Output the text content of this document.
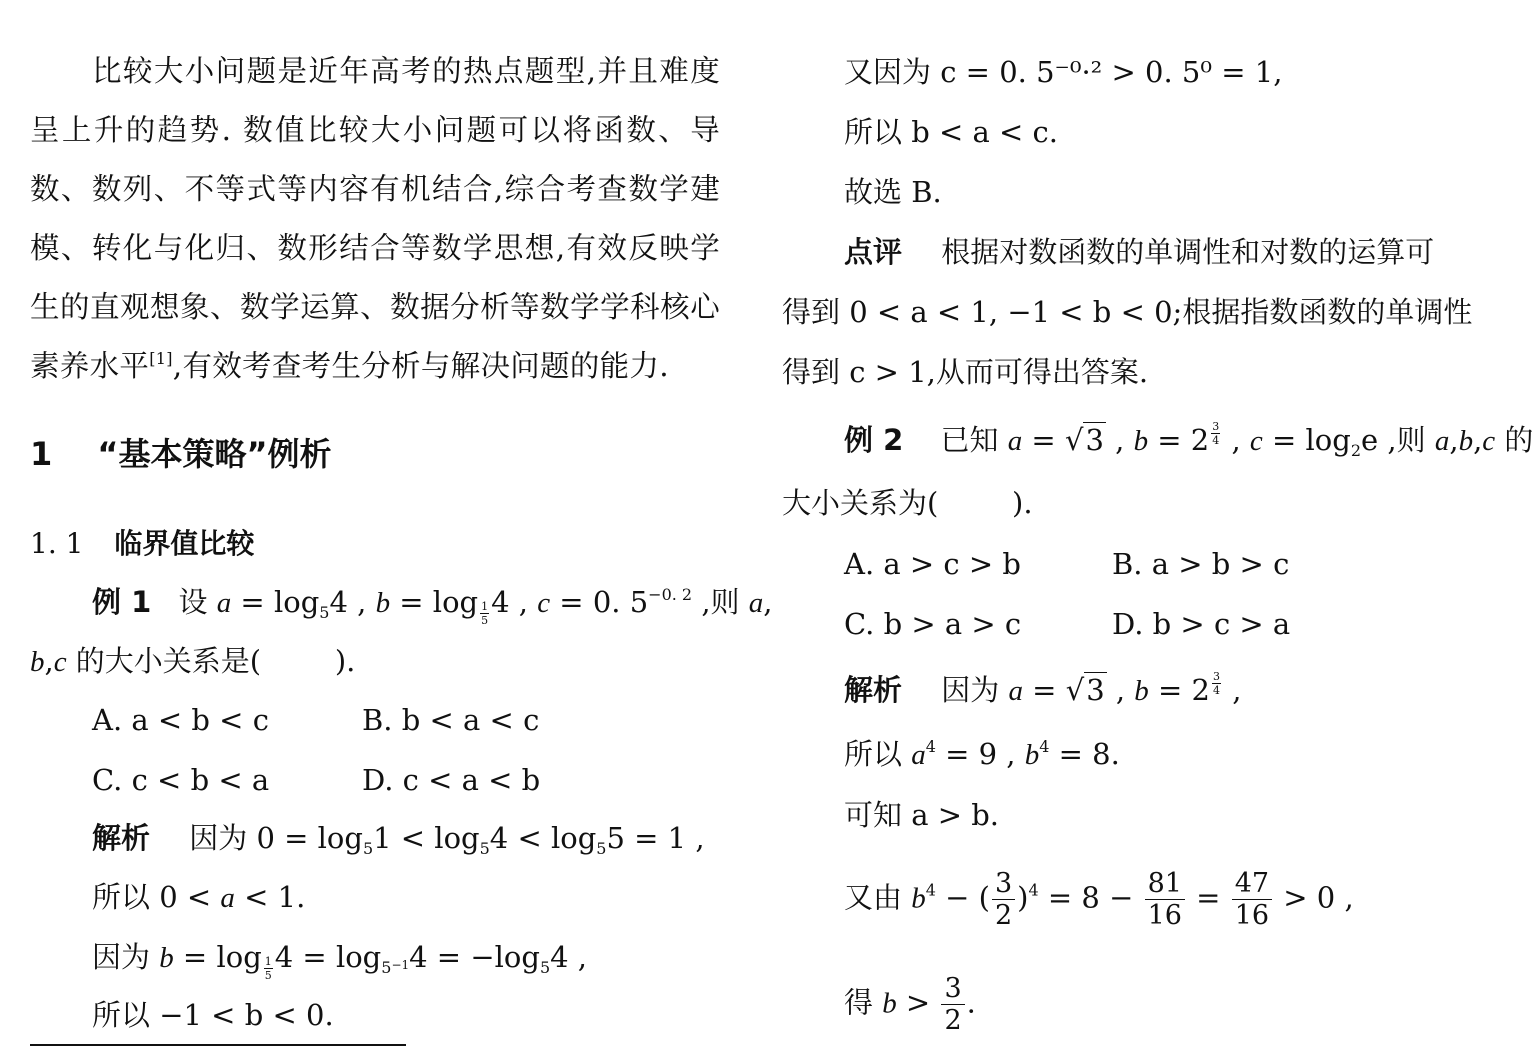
比较大小问题是近年高考的热点题型,并且难度呈上升的趋势. 数值比较大小问题可以将函数、导数、数列、不等式等内容有机结合,综合考查数学建模、转化与化归、数形结合等数学思想,有效反映学生的直观想象、数学运算、数据分析等数学学科核心素养水平[1],有效考查考生分析与解决问题的能力.
1 “基本策略”例析
1. 1 临界值比较
例 1 设 $a = \log_54$ , b = log $_{\frac{1}{5}}$ 4 , c = 0. $5^{-0. 2}$ ,则 a,
b,c 的大小关系是(        ).
A. a < b < c	B. b < a < c
C. c < b < a	D. c < a < b
解析 因为 $0 = \log_51 < \log_54 < \log_55 = 1$ ,
所以 0 < a < 1.
因为 b = log $_{\frac{1}{5}}$ $4 = \log_{5^{-1}}4 = -\log_54$ ,
所以 −1 < b < 0.
又因为 c = 0. 5⁻⁰·² > 0. 5⁰ = 1,
所以 b < a < c.
故选 B.
点评 根据对数函数的单调性和对数的运算可
得到 0 < a < 1, −1 < b < 0;根据指数函数的单调性
得到 c > 1,从而可得出答案.
例 2 已知 a = √3 , b = 2 $^{\frac{3}{4}}$ , $c = \log_2e$ ,则 a,b,c 的
大小关系为(        ).
A. a > c > b	B. a > b > c
C. b > a > c	D. b > c > a
解析 因为 a = √3 , b = 2 $^{\frac{3}{4}}$ ,
所以 $a^4 = 9$ , $b^4 = 8$.
可知 a > b.
又由 $b^4$ − ( $\frac{3}{2} )^4 = 8 - \frac{81}{16} = \frac{47}{16} > 0$ ,
得 $b > \frac{3}{2}$ .
